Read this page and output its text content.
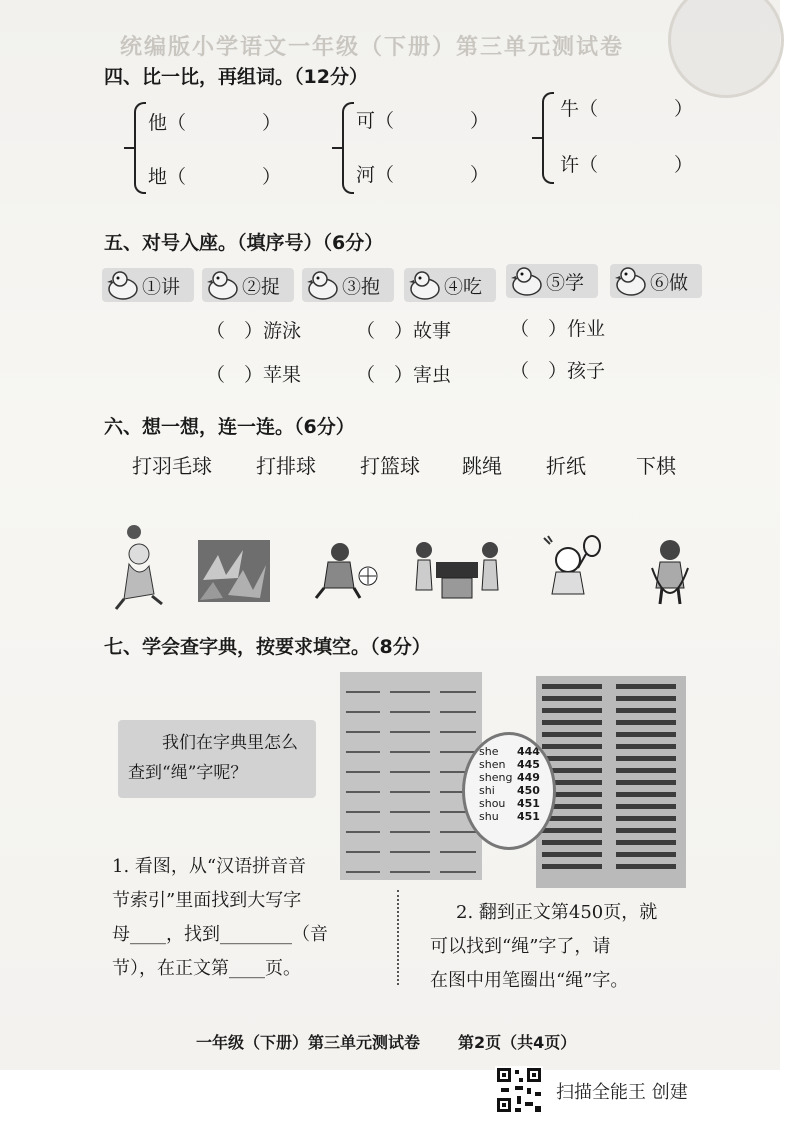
统编版小学语文一年级（下册）第三单元测试卷
四、比一比，再组词。（12分）
他（　　　　）
地（　　　　）
可（　　　　）
河（　　　　）
牛（　　　　）
许（　　　　）
五、对号入座。（填序号）（6分）
①讲	②捉	③抱	④吃	⑤学	⑥做
（　）游泳	（　）故事	（　）作业
（　）苹果	（　）害虫	（　）孩子
六、想一想，连一连。（6分）
打羽毛球 打排球 打篮球 跳绳 折纸	下棋
七、学会查字典，按要求填空。（8分）
我们在字典里怎么
查到“绳”字呢？
she 444
shen 445
sheng 449
shi 450
shou 451
shu 451
1. 看图，从“汉语拼音音
节索引”里面找到大写字
母____，找到________（音
节），在正文第____页。
2. 翻到正文第450页，就
可以找到“绳”字了，请
在图中用笔圈出“绳”字。
一年级（下册）第三单元测试卷 第2页（共4页）
扫描全能王 创建
